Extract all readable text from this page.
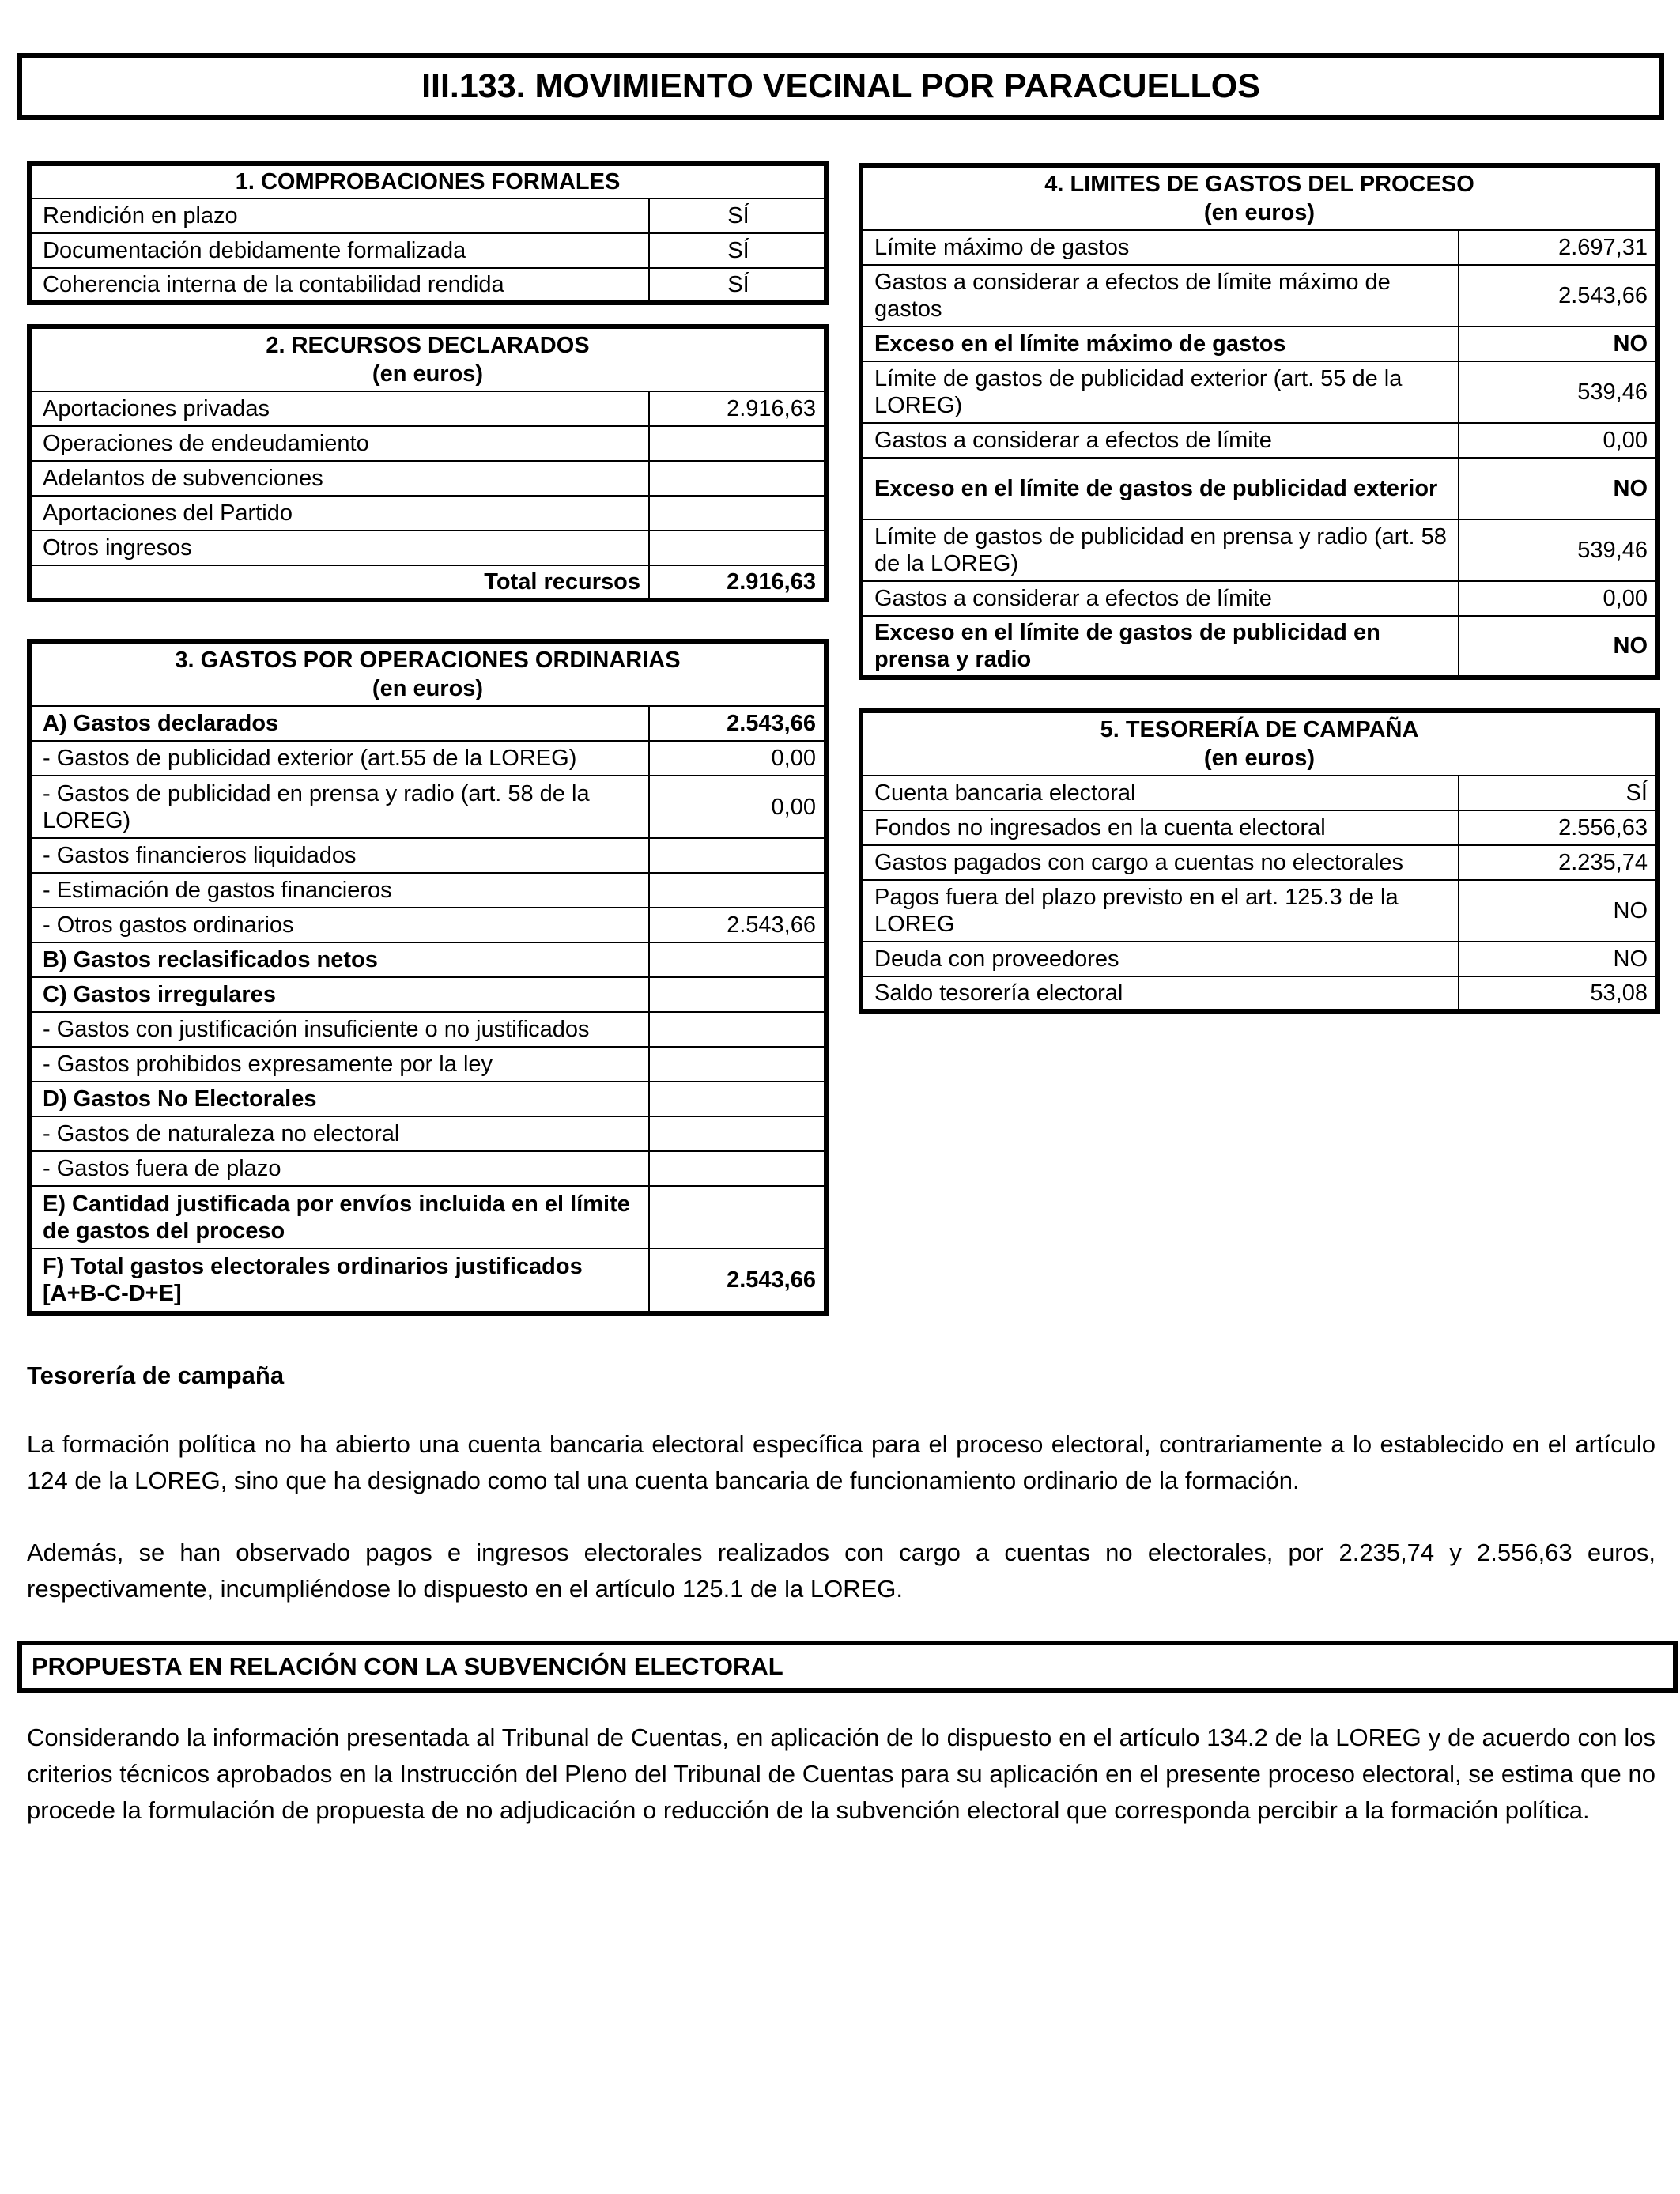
III.133. MOVIMIENTO VECINAL POR PARACUELLOS
1. COMPROBACIONES FORMALES	
Rendición en plazo	SÍ
Documentación debidamente formalizada	SÍ
Coherencia interna de la contabilidad rendida	SÍ
2. RECURSOS DECLARADOS
(en euros)	

Aportaciones privadas	2.916,63
Operaciones de endeudamiento	
Adelantos de subvenciones	
Aportaciones del Partido	
Otros ingresos	
Total recursos	2.916,63
3. GASTOS POR OPERACIONES ORDINARIAS
(en euros)	

A) Gastos declarados	2.543,66
- Gastos de publicidad exterior (art.55 de la LOREG)	0,00
- Gastos de publicidad en prensa y radio (art. 58 de la LOREG)	0,00
- Gastos financieros liquidados	
- Estimación de gastos financieros	
- Otros gastos ordinarios	2.543,66
B) Gastos reclasificados netos	
C) Gastos irregulares	
- Gastos con justificación insuficiente o no justificados	
- Gastos prohibidos expresamente por la ley	
D) Gastos No Electorales	
- Gastos de naturaleza no electoral	
- Gastos fuera de plazo	
E) Cantidad justificada por envíos incluida en el límite de gastos del proceso	
F) Total gastos electorales ordinarios justificados [A+B-C-D+E]	2.543,66
4. LIMITES DE GASTOS DEL PROCESO
(en euros)	

Límite máximo de gastos	2.697,31
Gastos a considerar a efectos de límite máximo de gastos	2.543,66
Exceso en el límite máximo de gastos	NO
Límite de gastos de publicidad exterior (art. 55 de la LOREG)	539,46
Gastos a considerar a efectos de límite	0,00
Exceso en el límite de gastos de publicidad exterior	NO
Límite de gastos de publicidad en prensa y radio (art. 58 de la LOREG)	539,46
Gastos a considerar a efectos de límite	0,00
Exceso en el límite de gastos de publicidad en prensa y radio	NO
5. TESORERÍA DE CAMPAÑA
(en euros)	

Cuenta bancaria electoral	SÍ
Fondos no ingresados en la cuenta electoral	2.556,63
Gastos pagados con cargo a cuentas no electorales	2.235,74
Pagos fuera del plazo previsto en el art. 125.3 de la LOREG	NO
Deuda con proveedores	NO
Saldo tesorería electoral	53,08
Tesorería de campaña
La formación política no ha abierto una cuenta bancaria electoral específica para el proceso electoral, contrariamente a lo establecido en el artículo 124 de la LOREG, sino que ha designado como tal una cuenta bancaria de funcionamiento ordinario de la formación.
Además, se han observado pagos e ingresos electorales realizados con cargo a cuentas no electorales, por 2.235,74 y 2.556,63 euros, respectivamente, incumpliéndose lo dispuesto en el artículo 125.1 de la LOREG.
PROPUESTA EN RELACIÓN CON LA SUBVENCIÓN ELECTORAL
Considerando la información presentada al Tribunal de Cuentas, en aplicación de lo dispuesto en el artículo 134.2 de la LOREG y de acuerdo con los criterios técnicos aprobados en la Instrucción del Pleno del Tribunal de Cuentas para su aplicación en el presente proceso electoral, se estima que no procede la formulación de propuesta de no adjudicación o reducción de la subvención electoral que corresponda percibir a la formación política.
